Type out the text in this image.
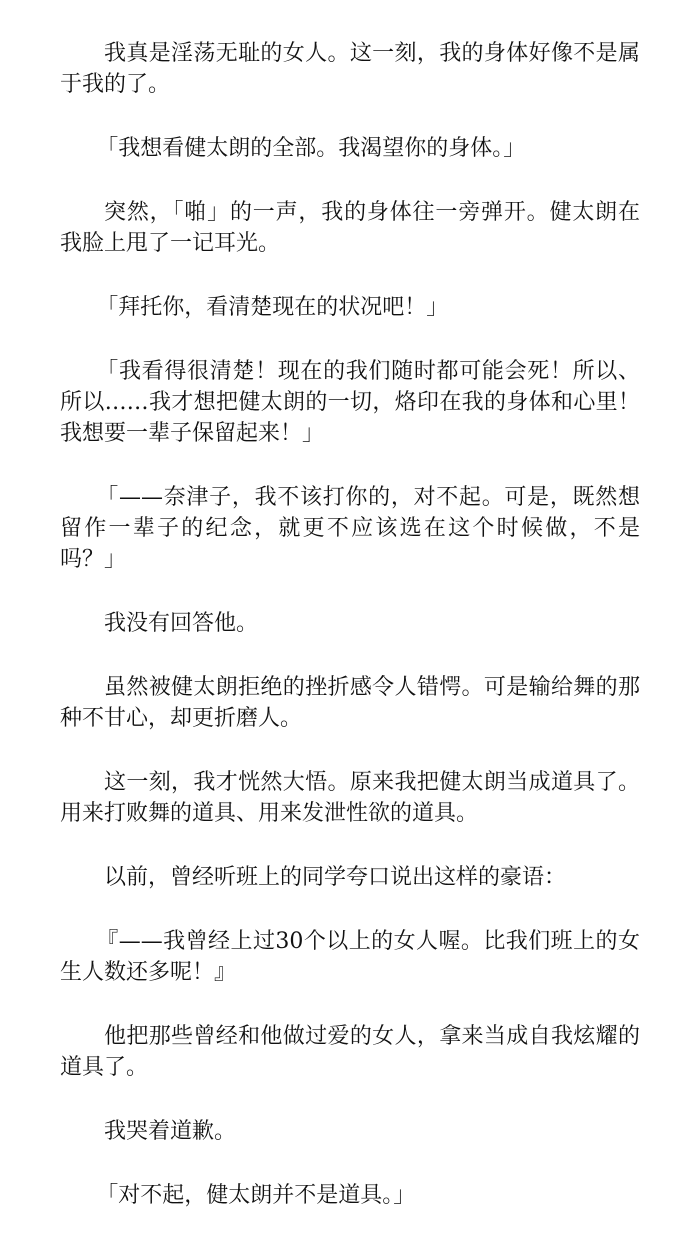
我真是淫荡无耻的女人。这一刻，我的身体好像不是属于我的了。

「我想看健太朗的全部。我渴望你的身体。」

突然，「啪」的一声，我的身体往一旁弹开。健太朗在我脸上甩了一记耳光。

「拜托你，看清楚现在的状况吧！」

「我看得很清楚！现在的我们随时都可能会死！所以、所以……我才想把健太朗的一切，烙印在我的身体和心里！我想要一辈子保留起来！」

「——奈津子，我不该打你的，对不起。可是，既然想留作一辈子的纪念，就更不应该选在这个时候做，不是吗？」

我没有回答他。

虽然被健太朗拒绝的挫折感令人错愕。可是输给舞的那种不甘心，却更折磨人。

这一刻，我才恍然大悟。原来我把健太朗当成道具了。用来打败舞的道具、用来发泄性欲的道具。

以前，曾经听班上的同学夸口说出这样的豪语：

『——我曾经上过30个以上的女人喔。比我们班上的女生人数还多呢！』

他把那些曾经和他做过爱的女人，拿来当成自我炫耀的道具了。

我哭着道歉。

「对不起，健太朗并不是道具。」
